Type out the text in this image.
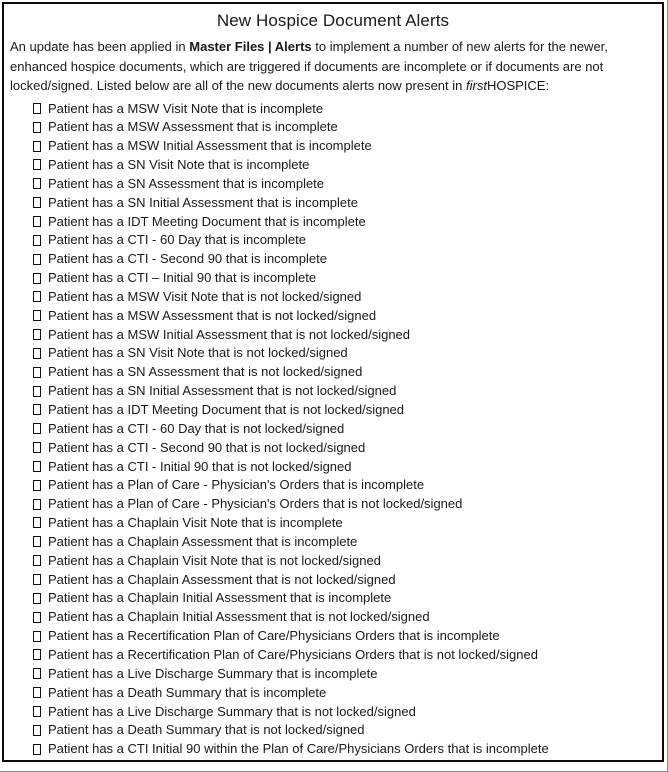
New Hospice Document Alerts

An update has been applied in Master Files | Alerts to implement a number of new alerts for the newer, enhanced hospice documents, which are triggered if documents are incomplete or if documents are not locked/signed. Listed below are all of the new documents alerts now present in firstHOSPICE:

Patient has a MSW Visit Note that is incomplete
Patient has a MSW Assessment that is incomplete
Patient has a MSW Initial Assessment that is incomplete
Patient has a SN Visit Note that is incomplete
Patient has a SN Assessment that is incomplete
Patient has a SN Initial Assessment that is incomplete
Patient has a IDT Meeting Document that is incomplete
Patient has a CTI - 60 Day that is incomplete
Patient has a CTI - Second 90 that is incomplete
Patient has a CTI – Initial 90 that is incomplete
Patient has a MSW Visit Note that is not locked/signed
Patient has a MSW Assessment that is not locked/signed
Patient has a MSW Initial Assessment that is not locked/signed
Patient has a SN Visit Note that is not locked/signed
Patient has a SN Assessment that is not locked/signed
Patient has a SN Initial Assessment that is not locked/signed
Patient has a IDT Meeting Document that is not locked/signed
Patient has a CTI - 60 Day that is not locked/signed
Patient has a CTI - Second 90 that is not locked/signed
Patient has a CTI - Initial 90 that is not locked/signed
Patient has a Plan of Care - Physician's Orders that is incomplete
Patient has a Plan of Care - Physician's Orders that is not locked/signed
Patient has a Chaplain Visit Note that is incomplete
Patient has a Chaplain Assessment that is incomplete
Patient has a Chaplain Visit Note that is not locked/signed
Patient has a Chaplain Assessment that is not locked/signed
Patient has a Chaplain Initial Assessment that is incomplete
Patient has a Chaplain Initial Assessment that is not locked/signed
Patient has a Recertification Plan of Care/Physicians Orders that is incomplete
Patient has a Recertification Plan of Care/Physicians Orders that is not locked/signed
Patient has a Live Discharge Summary that is incomplete
Patient has a Death Summary that is incomplete
Patient has a Live Discharge Summary that is not locked/signed
Patient has a Death Summary that is not locked/signed
Patient has a CTI Initial 90 within the Plan of Care/Physicians Orders that is incomplete
